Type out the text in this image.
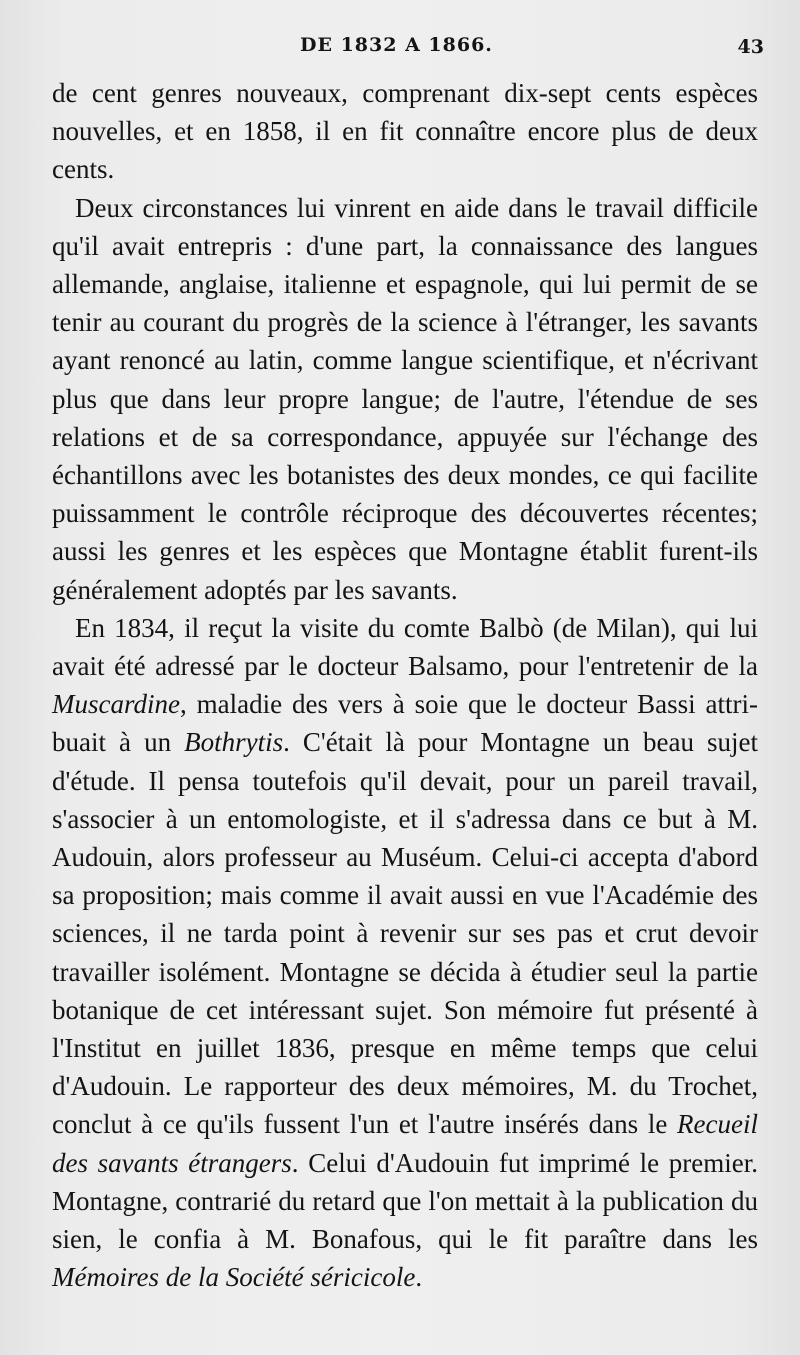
DE 1832 A 1866.	43

de cent genres nouveaux, comprenant dix-sept cents espèces nouvelles, et en 1858, il en fit connaître encore plus de deux cents.

Deux circonstances lui vinrent en aide dans le travail difficile qu'il avait entrepris : d'une part, la connaissance des langues allemande, anglaise, italienne et espagnole, qui lui permit de se tenir au courant du progrès de la science à l'étranger, les savants ayant renoncé au latin, comme langue scientifique, et n'écrivant plus que dans leur propre langue; de l'autre, l'étendue de ses relations et de sa correspondance, appuyée sur l'échange des échantillons avec les botanistes des deux mondes, ce qui facilite puissamment le contrôle réciproque des découvertes récentes; aussi les genres et les espèces que Montagne établit furent-ils généralement adoptés par les savants.

En 1834, il reçut la visite du comte Balbò (de Milan), qui lui avait été adressé par le docteur Balsamo, pour l'entretenir de la Muscardine, maladie des vers à soie que le docteur Bassi attribuait à un Bothrytis. C'était là pour Montagne un beau sujet d'étude. Il pensa toutefois qu'il devait, pour un pareil travail, s'associer à un entomologiste, et il s'adressa dans ce but à M. Audouin, alors professeur au Muséum. Celui-ci accepta d'abord sa proposition; mais comme il avait aussi en vue l'Académie des sciences, il ne tarda point à revenir sur ses pas et crut devoir travailler isolément. Montagne se décida à étudier seul la partie botanique de cet intéressant sujet. Son mémoire fut présenté à l'Institut en juillet 1836, presque en même temps que celui d'Audouin. Le rapporteur des deux mémoires, M. du Trochet, conclut à ce qu'ils fussent l'un et l'autre insérés dans le Recueil des savants étrangers. Celui d'Audouin fut imprimé le premier. Montagne, contrarié du retard que l'on mettait à la publication du sien, le confia à M. Bonafous, qui le fit paraître dans les Mémoires de la Société séricicole.
